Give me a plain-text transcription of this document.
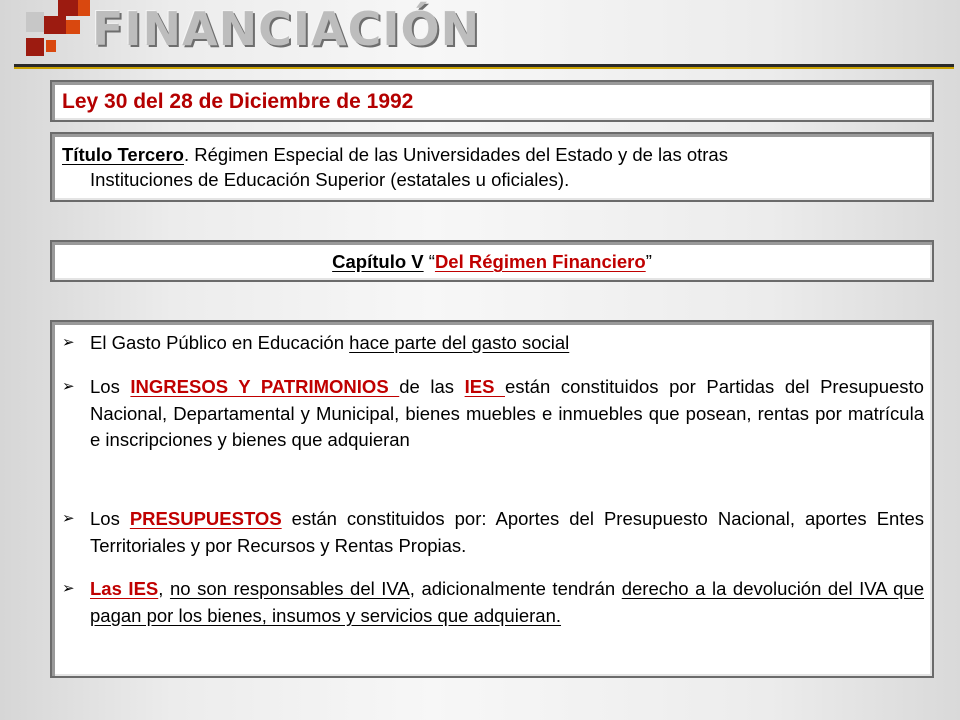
FINANCIACIÓN
Ley 30 del 28 de Diciembre de 1992

Título Tercero. Régimen Especial de las Universidades del Estado y de las otras
Instituciones de Educación Superior (estatales u oficiales).

Capítulo V “Del Régimen Financiero”
➢ El Gasto Público en Educación hace parte del gasto social
➢ Los INGRESOS Y PATRIMONIOS de las IES están constituidos por Partidas del Presupuesto Nacional, Departamental y Municipal, bienes muebles e inmuebles que posean, rentas por matrícula e inscripciones y bienes que adquieran
➢ Los PRESUPUESTOS están constituidos por: Aportes del Presupuesto Nacional, aportes Entes Territoriales y por Recursos y Rentas Propias.
➢ Las IES, no son responsables del IVA, adicionalmente tendrán derecho a la devolución del IVA que pagan por los bienes, insumos y servicios que adquieran.
